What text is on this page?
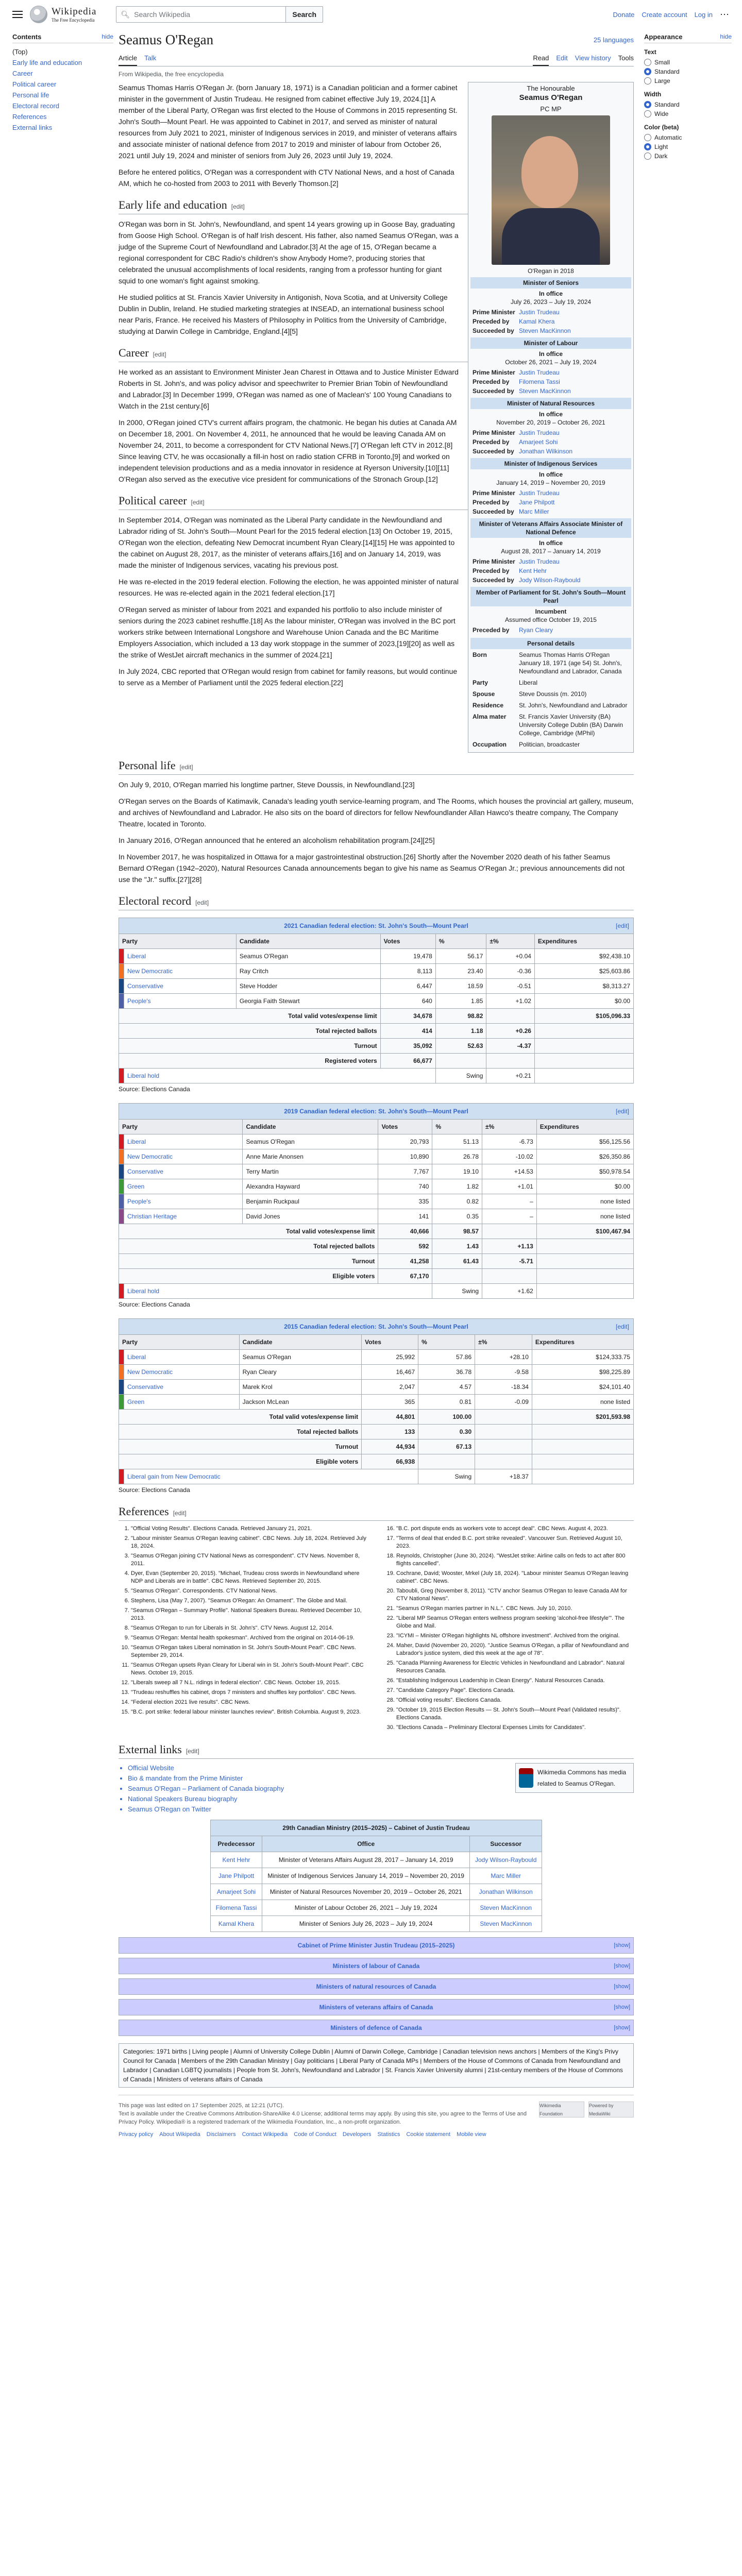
Wikipedia
The Free Encyclopedia
🔍︎ Search Wikipedia	Search	Donate Create account Log in ⋯
Contents	hide
(Top)
Early life and education
Career
Political career
Personal life
Electoral record
References
External links
Seamus O'Regan	25 languages
Article Talk	Read Edit View history Tools
From Wikipedia, the free encyclopedia
The Honourable
Seamus O'Regan
PC MP
O'Regan in 2018
Minister of Seniors
In office
July 26, 2023 – July 19, 2024
Prime Minister Justin Trudeau
Preceded by	Kamal Khera
Succeeded by Steven MacKinnon
Minister of Labour
In office
October 26, 2021 – July 19, 2024
Prime Minister Justin Trudeau
Preceded by	Filomena Tassi
Succeeded by Steven MacKinnon
Minister of Natural Resources
In office
November 20, 2019 – October 26, 2021
Prime Minister Justin Trudeau
Preceded by	Amarjeet Sohi
Succeeded by Jonathan Wilkinson
Minister of Indigenous Services
In office
January 14, 2019 – November 20, 2019
Prime Minister Justin Trudeau
Preceded by	Jane Philpott
Succeeded by Marc Miller
Minister of Veterans Affairs Associate Minister of National Defence
In office
August 28, 2017 – January 14, 2019
Prime Minister Justin Trudeau
Preceded by	Kent Hehr
Succeeded by Jody Wilson-Raybould
Member of Parliament for St. John's South—Mount Pearl
Incumbent
Assumed office October 19, 2015
Preceded by	Ryan Cleary
Personal details
Born	Seamus Thomas Harris O'Regan January 18, 1971 (age 54) St. John's, Newfoundland and Labrador, Canada
Party	Liberal
Spouse	Steve Doussis (m. 2010)
Residence	St. John's, Newfoundland and Labrador
Alma mater	St. Francis Xavier University (BA) University College Dublin (BA) Darwin College, Cambridge (MPhil)
Occupation	Politician, broadcaster

Seamus Thomas Harris O'Regan Jr. (born January 18, 1971) is a Canadian politician and a former cabinet minister in the government of Justin Trudeau. He resigned from cabinet effective July 19, 2024.[1] A member of the Liberal Party, O'Regan was first elected to the House of Commons in 2015 representing St. John's South—Mount Pearl. He was appointed to Cabinet in 2017, and served as minister of natural resources from July 2021 to 2021, minister of Indigenous services in 2019, and minister of veterans affairs and associate minister of national defence from 2017 to 2019 and minister of labour from October 26, 2021 until July 19, 2024 and minister of seniors from July 26, 2023 until July 19, 2024.

Before he entered politics, O'Regan was a correspondent with CTV National News, and a host of Canada AM, which he co-hosted from 2003 to 2011 with Beverly Thomson.[2]

Early life and education [edit]

O'Regan was born in St. John's, Newfoundland, and spent 14 years growing up in Goose Bay, graduating from Goose High School. O'Regan is of half Irish descent. His father, also named Seamus O'Regan, was a judge of the Supreme Court of Newfoundland and Labrador.[3] At the age of 15, O'Regan became a regional correspondent for CBC Radio's children's show Anybody Home?, producing stories that celebrated the unusual accomplishments of local residents, ranging from a professor hunting for giant squid to one woman's fight against smoking.

He studied politics at St. Francis Xavier University in Antigonish, Nova Scotia, and at University College Dublin in Dublin, Ireland. He studied marketing strategies at INSEAD, an international business school near Paris, France. He received his Masters of Philosophy in Politics from the University of Cambridge, studying at Darwin College in Cambridge, England.[4][5]

Career [edit]

He worked as an assistant to Environment Minister Jean Charest in Ottawa and to Justice Minister Edward Roberts in St. John's, and was policy advisor and speechwriter to Premier Brian Tobin of Newfoundland and Labrador.[3] In December 1999, O'Regan was named as one of Maclean's' 100 Young Canadians to Watch in the 21st century.[6]

In 2000, O'Regan joined CTV's current affairs program, the chatmonic. He began his duties at Canada AM on December 18, 2001. On November 4, 2011, he announced that he would be leaving Canada AM on November 24, 2011, to become a correspondent for CTV National News.[7] O'Regan left CTV in 2012.[8] Since leaving CTV, he was occasionally a fill-in host on radio station CFRB in Toronto,[9] and worked on independent television productions and as a media innovator in residence at Ryerson University.[10][11] O'Regan also served as the executive vice president for communications of the Stronach Group.[12]

Political career [edit]

In September 2014, O'Regan was nominated as the Liberal Party candidate in the Newfoundland and Labrador riding of St. John's South—Mount Pearl for the 2015 federal election.[13] On October 19, 2015, O'Regan won the election, defeating New Democrat incumbent Ryan Cleary.[14][15] He was appointed to the cabinet on August 28, 2017, as the minister of veterans affairs,[16] and on January 14, 2019, was made the minister of Indigenous services, vacating his previous post.

He was re-elected in the 2019 federal election. Following the election, he was appointed minister of natural resources. He was re-elected again in the 2021 federal election.[17]

O'Regan served as minister of labour from 2021 and expanded his portfolio to also include minister of seniors during the 2023 cabinet reshuffle.[18] As the labour minister, O'Regan was involved in the BC port workers strike between International Longshore and Warehouse Union Canada and the BC Maritime Employers Association, which included a 13 day work stoppage in the summer of 2023,[19][20] as well as the strike of WestJet aircraft mechanics in the summer of 2024.[21]

In July 2024, CBC reported that O'Regan would resign from cabinet for family reasons, but would continue to serve as a Member of Parliament until the 2025 federal election.[22]

Personal life [edit]

On July 9, 2010, O'Regan married his longtime partner, Steve Doussis, in Newfoundland.[23]

O'Regan serves on the Boards of Katimavik, Canada's leading youth service-learning program, and The Rooms, which houses the provincial art gallery, museum, and archives of Newfoundland and Labrador. He also sits on the board of directors for fellow Newfoundlander Allan Hawco's theatre company, The Company Theatre, located in Toronto.

In January 2016, O'Regan announced that he entered an alcoholism rehabilitation program.[24][25]

In November 2017, he was hospitalized in Ottawa for a major gastrointestinal obstruction.[26] Shortly after the November 2020 death of his father Seamus Bernard O'Regan (1942–2020), Natural Resources Canada announcements began to give his name as Seamus O'Regan Jr.; previous announcements did not use the "Jr." suffix.[27][28]

Electoral record [edit]
2021 Canadian federal election: St. John's South—Mount Pearl	[edit]
Party		Candidate	Votes	%	±%	Expenditures
	Liberal	Seamus O'Regan	19,478	56.17	+0.04	$92,438.10
	New Democratic	Ray Critch	8,113	23.40	-0.36	$25,603.86
	Conservative	Steve Hodder	6,447	18.59	-0.51	$8,313.27
	People's	Georgia Faith Stewart	640	1.85	+1.02	$0.00
Total valid votes/expense limit			34,678	98.82		$105,096.33
Total rejected ballots			414	1.18	+0.26	
Turnout			35,092	52.63	-4.37	
Registered voters			66,677			
	Liberal hold			Swing	+0.21	
Source: Elections Canada
2019 Canadian federal election: St. John's South—Mount Pearl	[edit]
Party		Candidate	Votes	%	±%	Expenditures
	Liberal	Seamus O'Regan	20,793	51.13	-6.73	$56,125.56
	New Democratic	Anne Marie Anonsen	10,890	26.78	-10.02	$26,350.86
	Conservative	Terry Martin	7,767	19.10	+14.53	$50,978.54
	Green	Alexandra Hayward	740	1.82	+1.01	$0.00
	People's	Benjamin Ruckpaul	335	0.82	–	none listed
	Christian Heritage	David Jones	141	0.35	–	none listed
Total valid votes/expense limit			40,666	98.57		$100,467.94
Total rejected ballots			592	1.43	+1.13	
Turnout			41,258	61.43	-5.71	
Eligible voters			67,170			
	Liberal hold			Swing	+1.62	
Source: Elections Canada
2015 Canadian federal election: St. John's South—Mount Pearl	[edit]
Party		Candidate	Votes	%	±%	Expenditures
	Liberal	Seamus O'Regan	25,992	57.86	+28.10	$124,333.75
	New Democratic	Ryan Cleary	16,467	36.78	-9.58	$98,225.89
	Conservative	Marek Krol	2,047	4.57	-18.34	$24,101.40
	Green	Jackson McLean	365	0.81	-0.09	none listed
Total valid votes/expense limit			44,801	100.00		$201,593.98
Total rejected ballots			133	0.30		
Turnout			44,934	67.13		
Eligible voters			66,938			
	Liberal gain from New Democratic			Swing	+18.37	
Source: Elections Canada
References [edit]
1. "Official Voting Results". Elections Canada. Retrieved January 21, 2021.
2. "Labour minister Seamus O'Regan leaving cabinet". CBC News. July 18, 2024. Retrieved July 18, 2024.
3. "Seamus O'Regan joining CTV National News as correspondent". CTV News. November 8, 2011.
4. Dyer, Evan (September 20, 2015). "Michael, Trudeau cross swords in Newfoundland where NDP and Liberals are in battle". CBC News. Retrieved September 20, 2015.
5. "Seamus O'Regan". Correspondents. CTV National News.
6. Stephens, Lisa (May 7, 2007). "Seamus O'Regan: An Ornament". The Globe and Mail.
7. "Seamus O'Regan – Summary Profile". National Speakers Bureau. Retrieved December 10, 2013.
8. "Seamus O'Regan to run for Liberals in St. John's". CTV News. August 12, 2014.
9. "Seamus O'Regan: Mental health spokesman". Archived from the original on 2014-06-19.
10. "Seamus O'Regan takes Liberal nomination in St. John's South-Mount Pearl". CBC News. September 29, 2014.
11. "Seamus O'Regan upsets Ryan Cleary for Liberal win in St. John's South-Mount Pearl". CBC News. October 19, 2015.
12. "Liberals sweep all 7 N.L. ridings in federal election". CBC News. October 19, 2015.
13. "Trudeau reshuffles his cabinet, drops 7 ministers and shuffles key portfolios". CBC News.
14. "Federal election 2021 live results". CBC News.
15. "B.C. port strike: federal labour minister launches review". British Columbia. August 9, 2023.
16. "B.C. port dispute ends as workers vote to accept deal". CBC News. August 4, 2023.
17. "Terms of deal that ended B.C. port strike revealed". Vancouver Sun. Retrieved August 10, 2023.
18. Reynolds, Christopher (June 30, 2024). "WestJet strike: Airline calls on feds to act after 800 flights cancelled".
19. Cochrane, David; Wooster, Mrkel (July 18, 2024). "Labour minister Seamus O'Regan leaving cabinet". CBC News.
20. Taboubli, Greg (November 8, 2011). "CTV anchor Seamus O'Regan to leave Canada AM for CTV National News".
21. "Seamus O'Regan marries partner in N.L.". CBC News. July 10, 2010.
22. "Liberal MP Seamus O'Regan enters wellness program seeking 'alcohol-free lifestyle'". The Globe and Mail.
23. "ICYMI – Minister O'Regan highlights NL offshore investment". Archived from the original.
24. Maher, David (November 20, 2020). "Justice Seamus O'Regan, a pillar of Newfoundland and Labrador's justice system, died this week at the age of 78".
25. "Canada Planning Awareness for Electric Vehicles in Newfoundland and Labrador". Natural Resources Canada.
26. "Establishing Indigenous Leadership in Clean Energy". Natural Resources Canada.
27. "Candidate Category Page". Elections Canada.
28. "Official voting results". Elections Canada.
29. "October 19, 2015 Election Results — St. John's South—Mount Pearl (Validated results)". Elections Canada.
30. "Elections Canada – Preliminary Electoral Expenses Limits for Candidates".
External links [edit]
Wikimedia Commons has media related to Seamus O'Regan.
• Official Website
• Bio & mandate from the Prime Minister
• Seamus O'Regan – Parliament of Canada biography
• National Speakers Bureau biography
• Seamus O'Regan on Twitter
29th Canadian Ministry (2015–2025) – Cabinet of Justin Trudeau		
Predecessor	Office	Successor
Kent Hehr	Minister of Veterans Affairs August 28, 2017 – January 14, 2019	Jody Wilson-Raybould
Jane Philpott	Minister of Indigenous Services January 14, 2019 – November 20, 2019	Marc Miller
Amarjeet Sohi	Minister of Natural Resources November 20, 2019 – October 26, 2021	Jonathan Wilkinson
Filomena Tassi	Minister of Labour October 26, 2021 – July 19, 2024	Steven MacKinnon
Kamal Khera	Minister of Seniors July 26, 2023 – July 19, 2024	Steven MacKinnon
Cabinet of Prime Minister Justin Trudeau (2015–2025)	[show]
Ministers of labour of Canada	[show]
Ministers of natural resources of Canada	[show]
Ministers of veterans affairs of Canada	[show]
Ministers of defence of Canada	[show]
Categories: 1971 births | Living people | Alumni of University College Dublin | Alumni of Darwin College, Cambridge | Canadian television news anchors | Members of the King's Privy Council for Canada | Members of the 29th Canadian Ministry | Gay politicians | Liberal Party of Canada MPs | Members of the House of Commons of Canada from Newfoundland and Labrador | Canadian LGBTQ journalists | People from St. John's, Newfoundland and Labrador | St. Francis Xavier University alumni | 21st-century members of the House of Commons of Canada | Ministers of veterans affairs of Canada
Wikimedia Foundation
Powered by MediaWiki
This page was last edited on 17 September 2025, at 12:21 (UTC).
Text is available under the Creative Commons Attribution-ShareAlike 4.0 License; additional terms may apply. By using this site, you agree to the Terms of Use and Privacy Policy. Wikipedia® is a registered trademark of the Wikimedia Foundation, Inc., a non-profit organization.
Privacy policy About Wikipedia Disclaimers Contact Wikipedia Code of Conduct Developers Statistics Cookie statement Mobile view
Appearance	hide
Text
Small
Standard
Large
Width
Standard
Wide
Color (beta)
Automatic
Light
Dark
